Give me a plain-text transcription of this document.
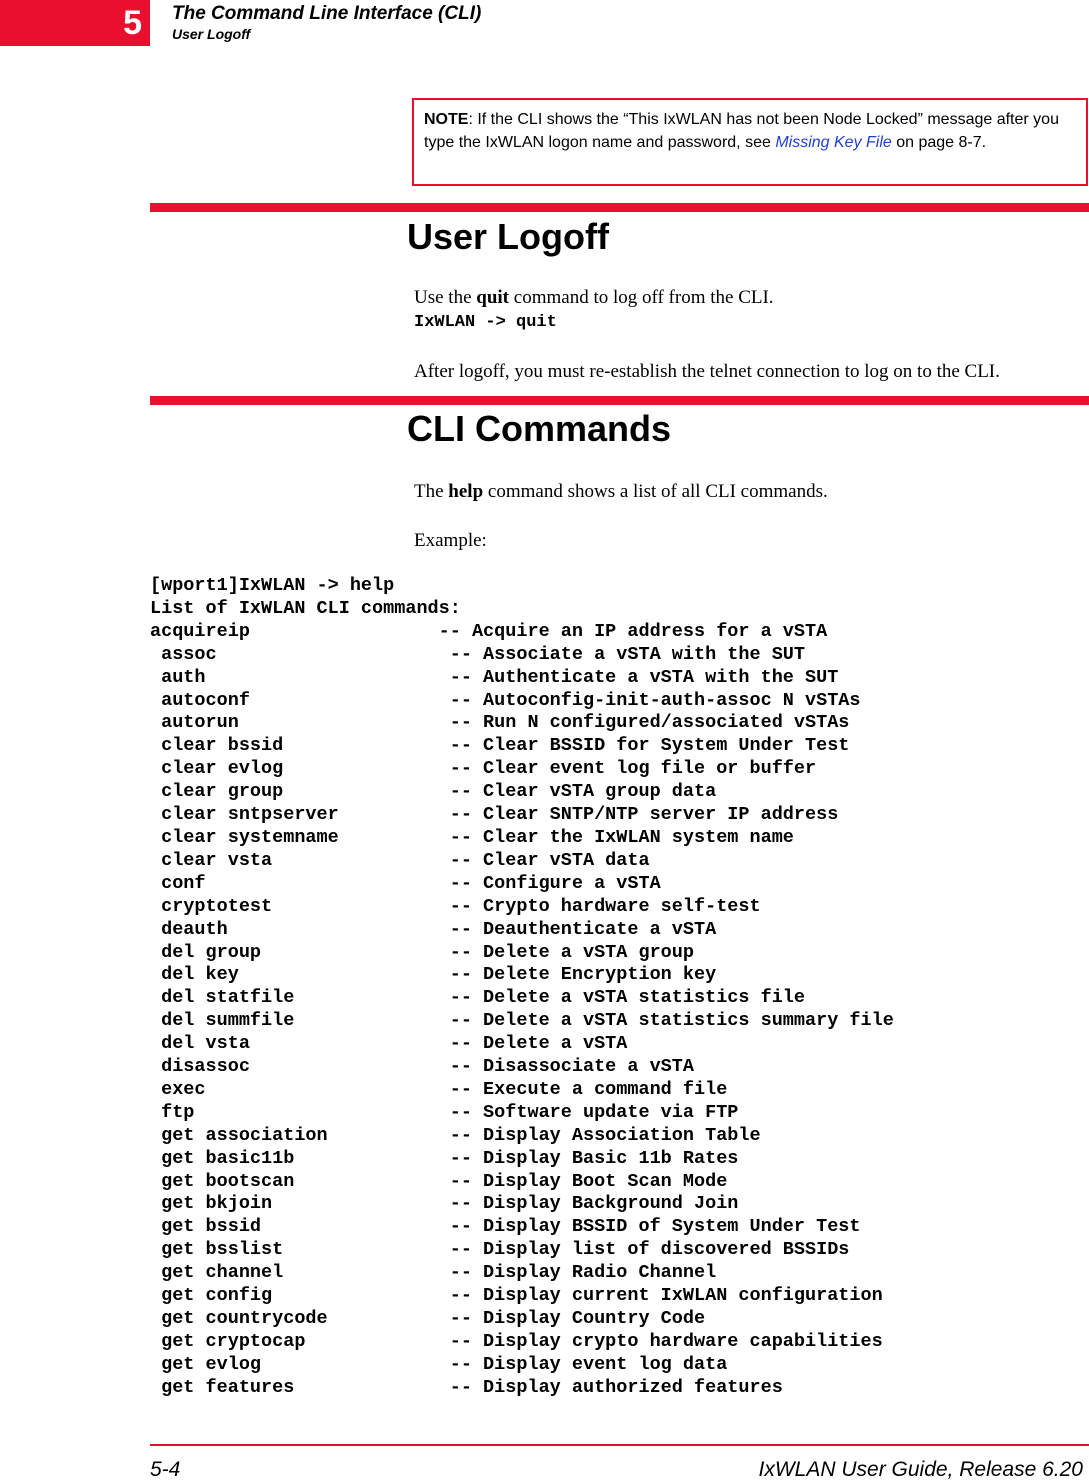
5 The Command Line Interface (CLI)
User Logoff
NOTE: If the CLI shows the “This IxWLAN has not been Node Locked” message after you type the IxWLAN logon name and password, see Missing Key File on page 8-7.
User Logoff
Use the quit command to log off from the CLI.
IxWLAN -> quit
After logoff, you must re-establish the telnet connection to log on to the CLI.
CLI Commands
The help command shows a list of all CLI commands.
Example:
[wport1]IxWLAN -> help
List of IxWLAN CLI commands:
acquireip                 -- Acquire an IP address for a vSTA
assoc                     -- Associate a vSTA with the SUT
auth                      -- Authenticate a vSTA with the SUT
autoconf                  -- Autoconfig-init-auth-assoc N vSTAs
autorun                   -- Run N configured/associated vSTAs
clear bssid               -- Clear BSSID for System Under Test
clear evlog               -- Clear event log file or buffer
clear group               -- Clear vSTA group data
clear sntpserver          -- Clear SNTP/NTP server IP address
clear systemname          -- Clear the IxWLAN system name
clear vsta                -- Clear vSTA data
conf                      -- Configure a vSTA
cryptotest                -- Crypto hardware self-test
deauth                    -- Deauthenticate a vSTA
del group                 -- Delete a vSTA group
del key                   -- Delete Encryption key
del statfile              -- Delete a vSTA statistics file
del summfile              -- Delete a vSTA statistics summary file
del vsta                  -- Delete a vSTA
disassoc                  -- Disassociate a vSTA
exec                      -- Execute a command file
ftp                       -- Software update via FTP
get association           -- Display Association Table
get basic11b              -- Display Basic 11b Rates
get bootscan              -- Display Boot Scan Mode
get bkjoin                -- Display Background Join
get bssid                 -- Display BSSID of System Under Test
get bsslist               -- Display list of discovered BSSIDs
get channel               -- Display Radio Channel
get config                -- Display current IxWLAN configuration
get countrycode           -- Display Country Code
get cryptocap             -- Display crypto hardware capabilities
get evlog                 -- Display event log data
get features              -- Display authorized features
5-4	IxWLAN User Guide, Release 6.20
